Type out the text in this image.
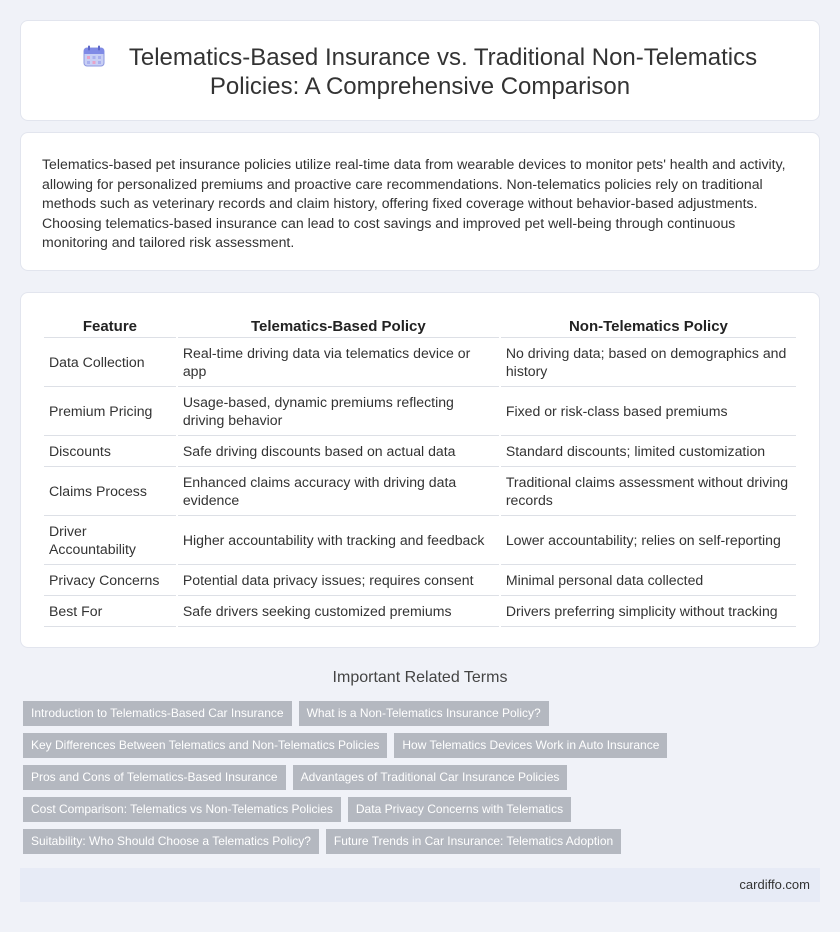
Telematics-Based Insurance vs. Traditional Non-Telematics
Policies: A Comprehensive Comparison

Telematics-based pet insurance policies utilize real-time data from wearable devices to monitor pets' health and activity, allowing for personalized premiums and proactive care recommendations. Non-telematics policies rely on traditional methods such as veterinary records and claim history, offering fixed coverage without behavior-based adjustments. Choosing telematics-based insurance can lead to cost savings and improved pet well-being through continuous monitoring and tailored risk assessment.

Feature	Telematics-Based Policy	Non-Telematics Policy
Data Collection	Real-time driving data via telematics device or app	No driving data; based on demographics and history
Premium Pricing	Usage-based, dynamic premiums reflecting driving behavior	Fixed or risk-class based premiums
Discounts	Safe driving discounts based on actual data	Standard discounts; limited customization
Claims Process	Enhanced claims accuracy with driving data evidence	Traditional claims assessment without driving records
Driver Accountability	Higher accountability with tracking and feedback	Lower accountability; relies on self-reporting
Privacy Concerns	Potential data privacy issues; requires consent	Minimal personal data collected
Best For	Safe drivers seeking customized premiums	Drivers preferring simplicity without tracking
Important Related Terms
Introduction to Telematics-Based Car Insurance	What is a Non-Telematics Insurance Policy?
Key Differences Between Telematics and Non-Telematics Policies	How Telematics Devices Work in Auto Insurance
Pros and Cons of Telematics-Based Insurance	Advantages of Traditional Car Insurance Policies
Cost Comparison: Telematics vs Non-Telematics Policies	Data Privacy Concerns with Telematics
Suitability: Who Should Choose a Telematics Policy?	Future Trends in Car Insurance: Telematics Adoption
cardiffo.com
